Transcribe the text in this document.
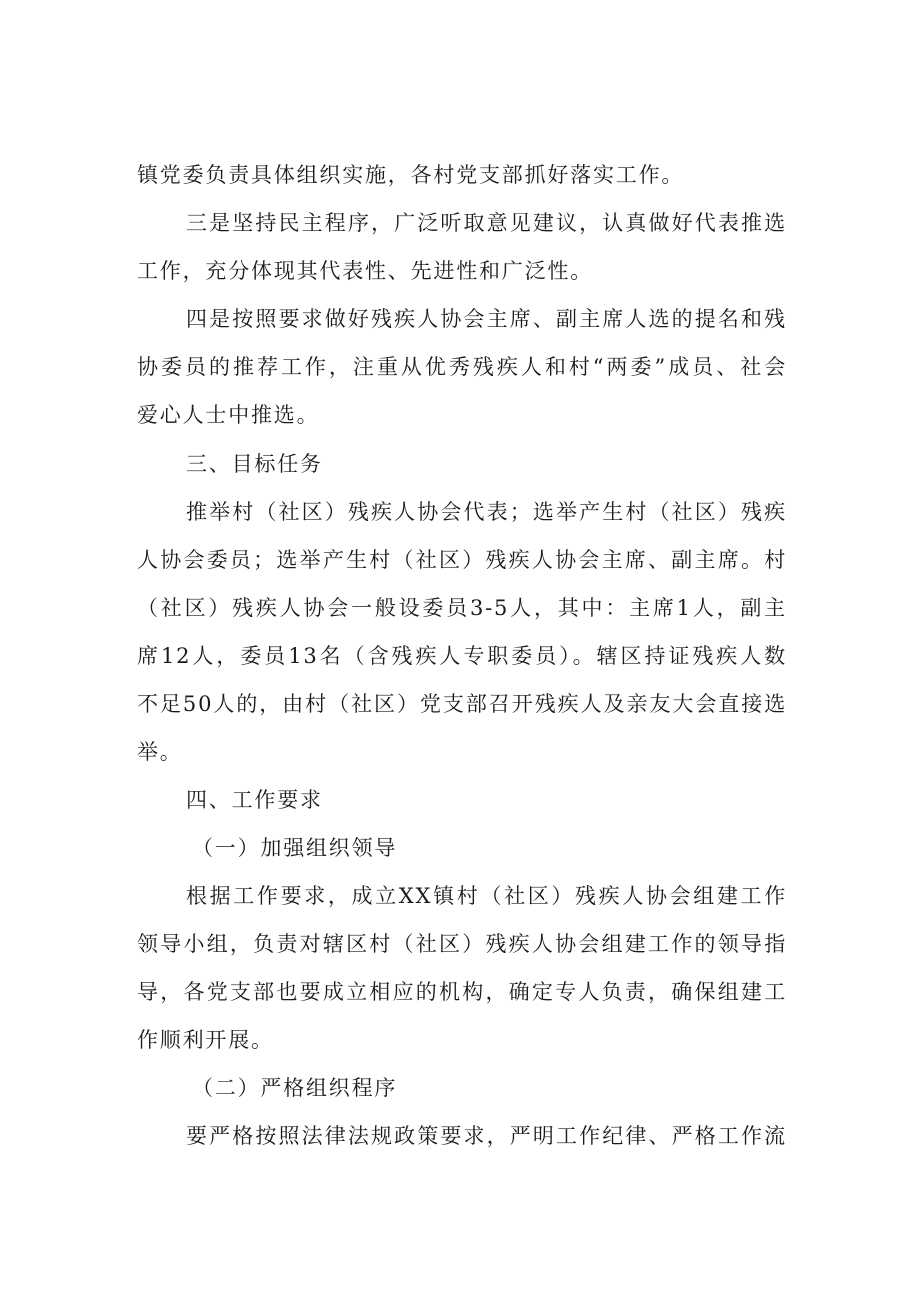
镇党委负责具体组织实施，各村党支部抓好落实工作。
三是坚持民主程序，广泛听取意见建议，认真做好代表推选
工作，充分体现其代表性、先进性和广泛性。
四是按照要求做好残疾人协会主席、副主席人选的提名和残
协委员的推荐工作，注重从优秀残疾人和村“两委”成员、社会
爱心人士中推选。
三、目标任务
推举村（社区）残疾人协会代表；选举产生村（社区）残疾
人协会委员；选举产生村（社区）残疾人协会主席、副主席。村
（社区）残疾人协会一般设委员3-5人，其中：主席1人，副主
席12人，委员13名（含残疾人专职委员）。辖区持证残疾人数
不足50人的，由村（社区）党支部召开残疾人及亲友大会直接选
举。
四、工作要求
（一）加强组织领导
根据工作要求，成立XX镇村（社区）残疾人协会组建工作
领导小组，负责对辖区村（社区）残疾人协会组建工作的领导指
导，各党支部也要成立相应的机构，确定专人负责，确保组建工
作顺利开展。
（二）严格组织程序
要严格按照法律法规政策要求，严明工作纪律、严格工作流
